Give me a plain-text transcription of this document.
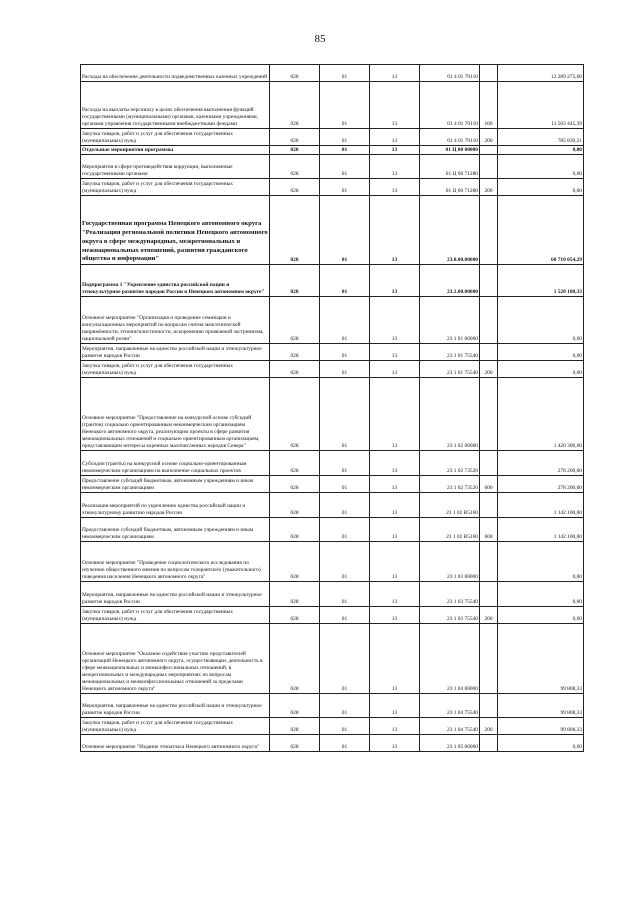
85
Расходы на обеспечение деятельности подведомственных казенных учреждений	028	01	13	01 4 01 70110		12 289 275,60
Расходы на выплаты персоналу в целях обеспечения выполнения функций государственными (муниципальными) органами, казенными учреждениями, органами управления государственными внебюджетными фондами	028	01	13	01 4 01 70110	100	11 503 445,39
Закупка товаров, работ и услуг для обеспечения государственных (муниципальных) нужд	028	01	13	01 4 01 70110	200	785 830,21
Отдельные мероприятия программы	028	01	13	01 Ц 00 00000		0,00
Мероприятия в сфере противодействия коррупции, выполняемые государственными органами	028	01	13	01 Ц 00 71280		0,00
Закупка товаров, работ и услуг для обеспечения государственных (муниципальных) нужд	028	01	13	01 Ц 00 71280	200	0,00
Государственная программа Ненецкого автономного округа "Реализация региональной политики Ненецкого автономного округа в сфере международных, межрегиональных и межнациональных отношений, развития гражданского общества и информации"	028	01	13	23.0.00.00000		60 710 054,29
Подпрограмма 1 "Укрепление единства российской нации и этнокультурное развитие народов России в Ненецком автономном округе"	028	01	13	23.1.00.00000		1 520 108,33
Основное мероприятие "Организация и проведение семинаров и консультационных мероприятий по вопросам снятия межэтнической напряжённости, этнонигилистичности, искоренению проявлений экстремизма, национальной розни"	028	01	13	23 1 01 00000		0,00
Мероприятия, направленные на единство российской нации и этнокультурное развитие народов России	028	01	13	23 1 01 75540		0,00
Закупка товаров, работ и услуг для обеспечения государственных (муниципальных) нужд	028	01	13	23 1 01 75540	200	0,00
Основное мероприятие "Предоставление на конкурсной основе субсидий (грантов) социально ориентированным некоммерческим организациям Ненецкого автономного округа, реализующим проекты в сфере развития межнациональных отношений и социально ориентированным организациям, представляющим интересы коренных малочисленных народов Севера"	028	01	13	23 1 02 00000		1 420 300,00
Субсидии (гранты) на конкурсной основе социально-ориентированным некоммерческим организациям на выполнение социальных проектов	028	01	13	23 1 02 73520		278 200,00
Предоставление субсидий бюджетным, автономным учреждениям и иным некоммерческим организациям	028	01	13	23 1 02 73520	600	278 200,00
Реализация мероприятий по укреплению единства российской нации и этнокультурному развитию народов России	028	01	13	23 1 02 R5160		1 142 100,00
Предоставление субсидий бюджетным, автономным учреждениям и иным некоммерческим организациям	028	01	13	23 1 02 R5160	600	1 142 100,00
Основное мероприятие "Проведение социологического исследования по изучению общественного мнения по вопросам толерантного (уважительного) поведения населения Ненецкого автономного округа"	028	01	13	23 1 03 00000		0,00
Мероприятия, направленные на единство российской нации и этнокультурное развитие народов России	028	01	13	23 1 03 75540		0,00
Закупка товаров, работ и услуг для обеспечения государственных (муниципальных) нужд	028	01	13	23 1 03 75540	200	0,00
Основное мероприятие "Оказание содействия участию представителей организаций Ненецкого автономного округа, осуществляющих деятельность в сфере межнациональных и межконфессиональных отношений, в межрегиональных и международных мероприятиях по вопросам межнациональных и межконфессиональных отношений за пределами Ненецкого автономного округа"	028	01	13	23 1 04 00000		99 808,33
Мероприятия, направленные на единство российской нации и этнокультурное развитие народов России	028	01	13	23 1 04 75540		99 808,33
Закупка товаров, работ и услуг для обеспечения государственных (муниципальных) нужд	028	01	13	23 1 04 75540	200	99 808,33
Основное мероприятие "Издание этноатласа Ненецкого автономного округа"	028	01	13	23 1 05 00000		0,00
